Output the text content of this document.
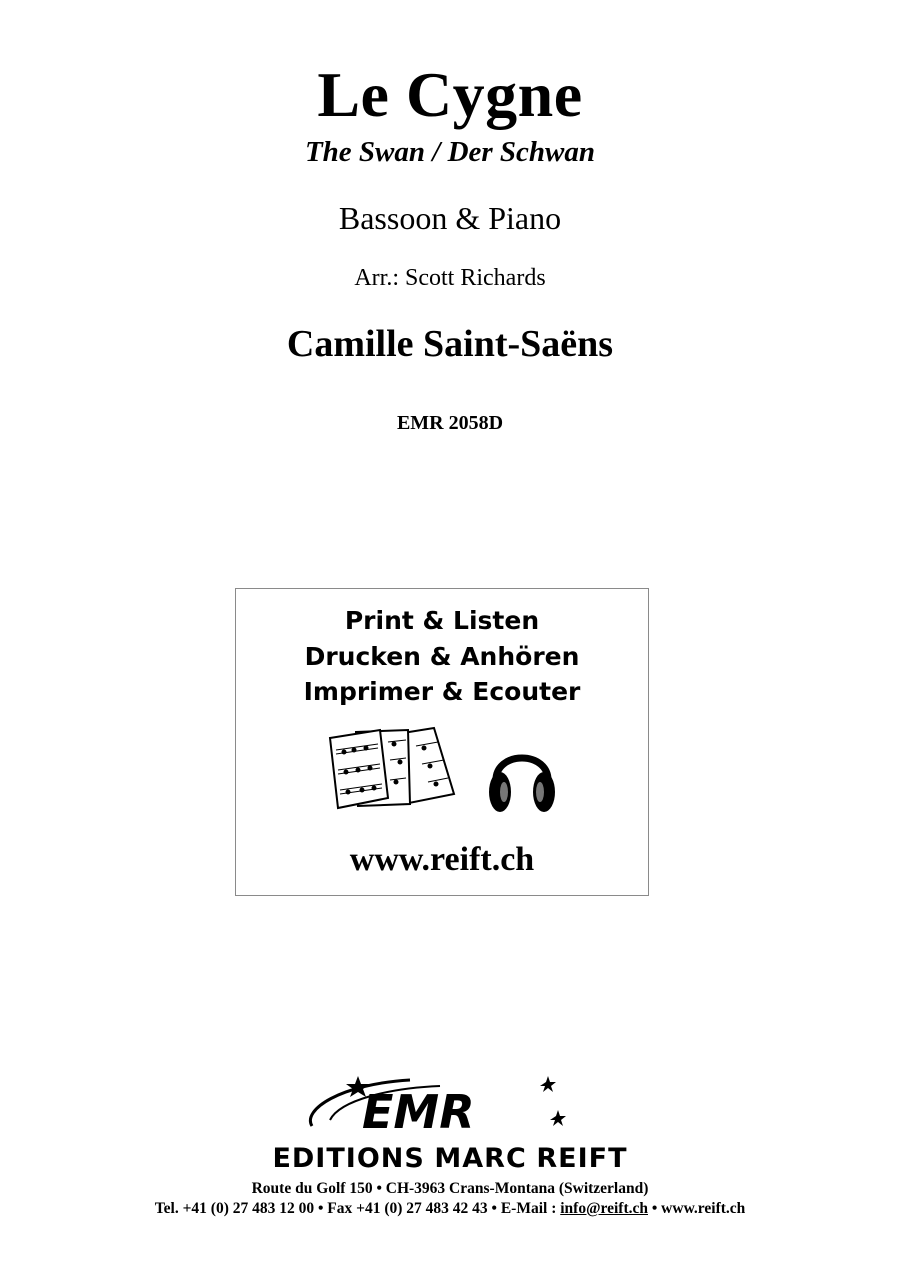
Le Cygne
The Swan / Der Schwan
Bassoon & Piano
Arr.: Scott Richards
Camille Saint-Saëns
EMR 2058D
Print & Listen
Drucken & Anhören
Imprimer & Ecouter
www.reift.ch
EMR
EDITIONS MARC REIFT
Route du Golf 150 • CH-3963 Crans-Montana (Switzerland)
Tel. +41 (0) 27 483 12 00 • Fax +41 (0) 27 483 42 43 • E-Mail : info@reift.ch • www.reift.ch
